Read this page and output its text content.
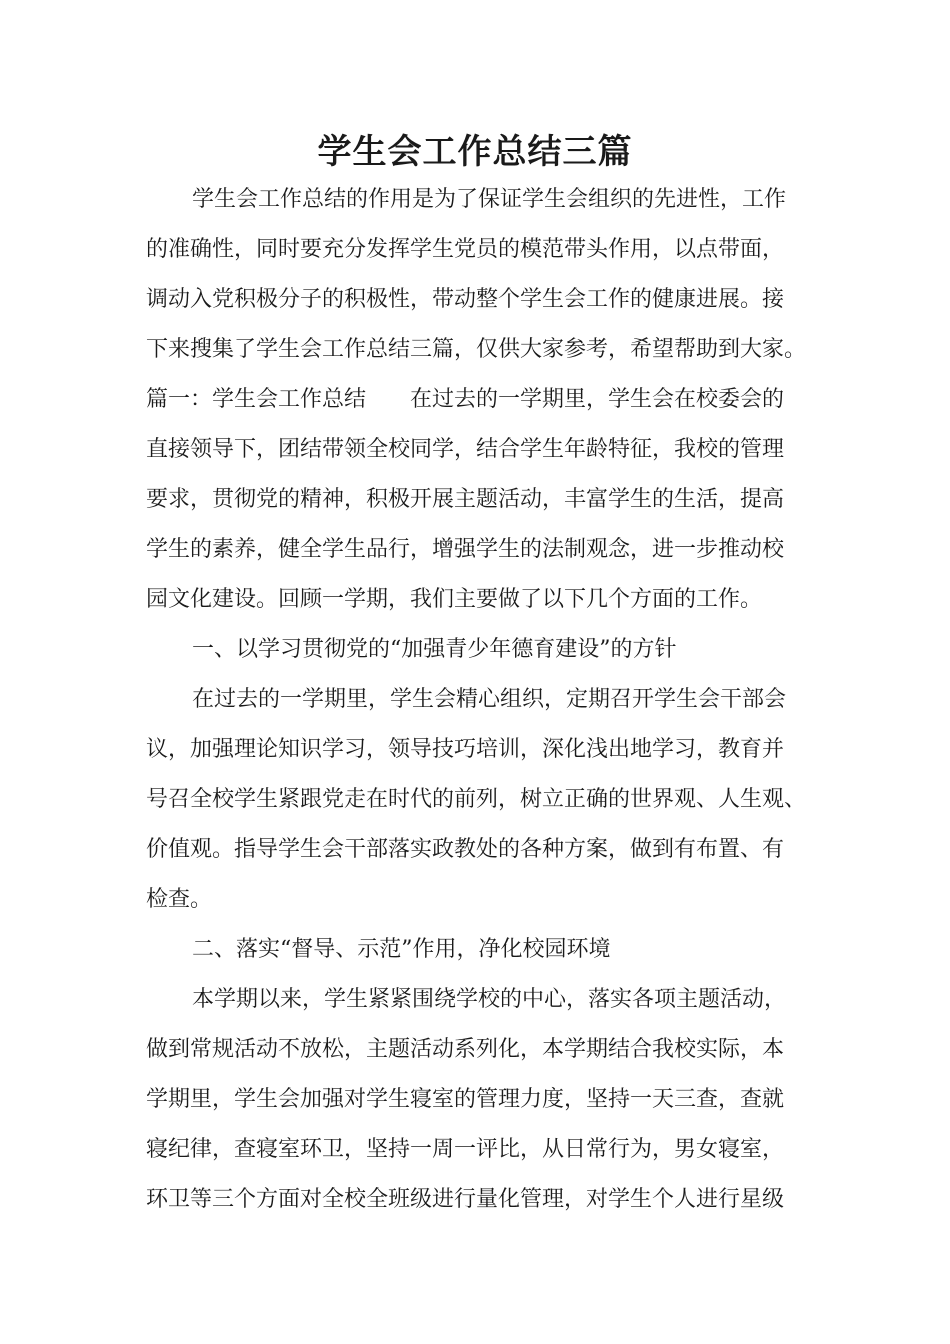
学生会工作总结三篇

学生会工作总结的作用是为了保证学生会组织的先进性，工作

的准确性，同时要充分发挥学生党员的模范带头作用，以点带面，

调动入党积极分子的积极性，带动整个学生会工作的健康进展。接

下来搜集了学生会工作总结三篇，仅供大家参考，希望帮助到大家。

篇一：学生会工作总结　　在过去的一学期里，学生会在校委会的

直接领导下，团结带领全校同学，结合学生年龄特征，我校的管理

要求，贯彻党的精神，积极开展主题活动，丰富学生的生活，提高

学生的素养，健全学生品行，增强学生的法制观念，进一步推动校

园文化建设。回顾一学期，我们主要做了以下几个方面的工作。

一、以学习贯彻党的“加强青少年德育建设”的方针

在过去的一学期里，学生会精心组织，定期召开学生会干部会

议，加强理论知识学习，领导技巧培训，深化浅出地学习，教育并

号召全校学生紧跟党走在时代的前列，树立正确的世界观、人生观、

价值观。指导学生会干部落实政教处的各种方案，做到有布置、有

检查。

二、落实“督导、示范”作用，净化校园环境

本学期以来，学生紧紧围绕学校的中心，落实各项主题活动，

做到常规活动不放松，主题活动系列化，本学期结合我校实际，本

学期里，学生会加强对学生寝室的管理力度，坚持一天三查，查就

寝纪律，查寝室环卫，坚持一周一评比，从日常行为，男女寝室，

环卫等三个方面对全校全班级进行量化管理，对学生个人进行星级
